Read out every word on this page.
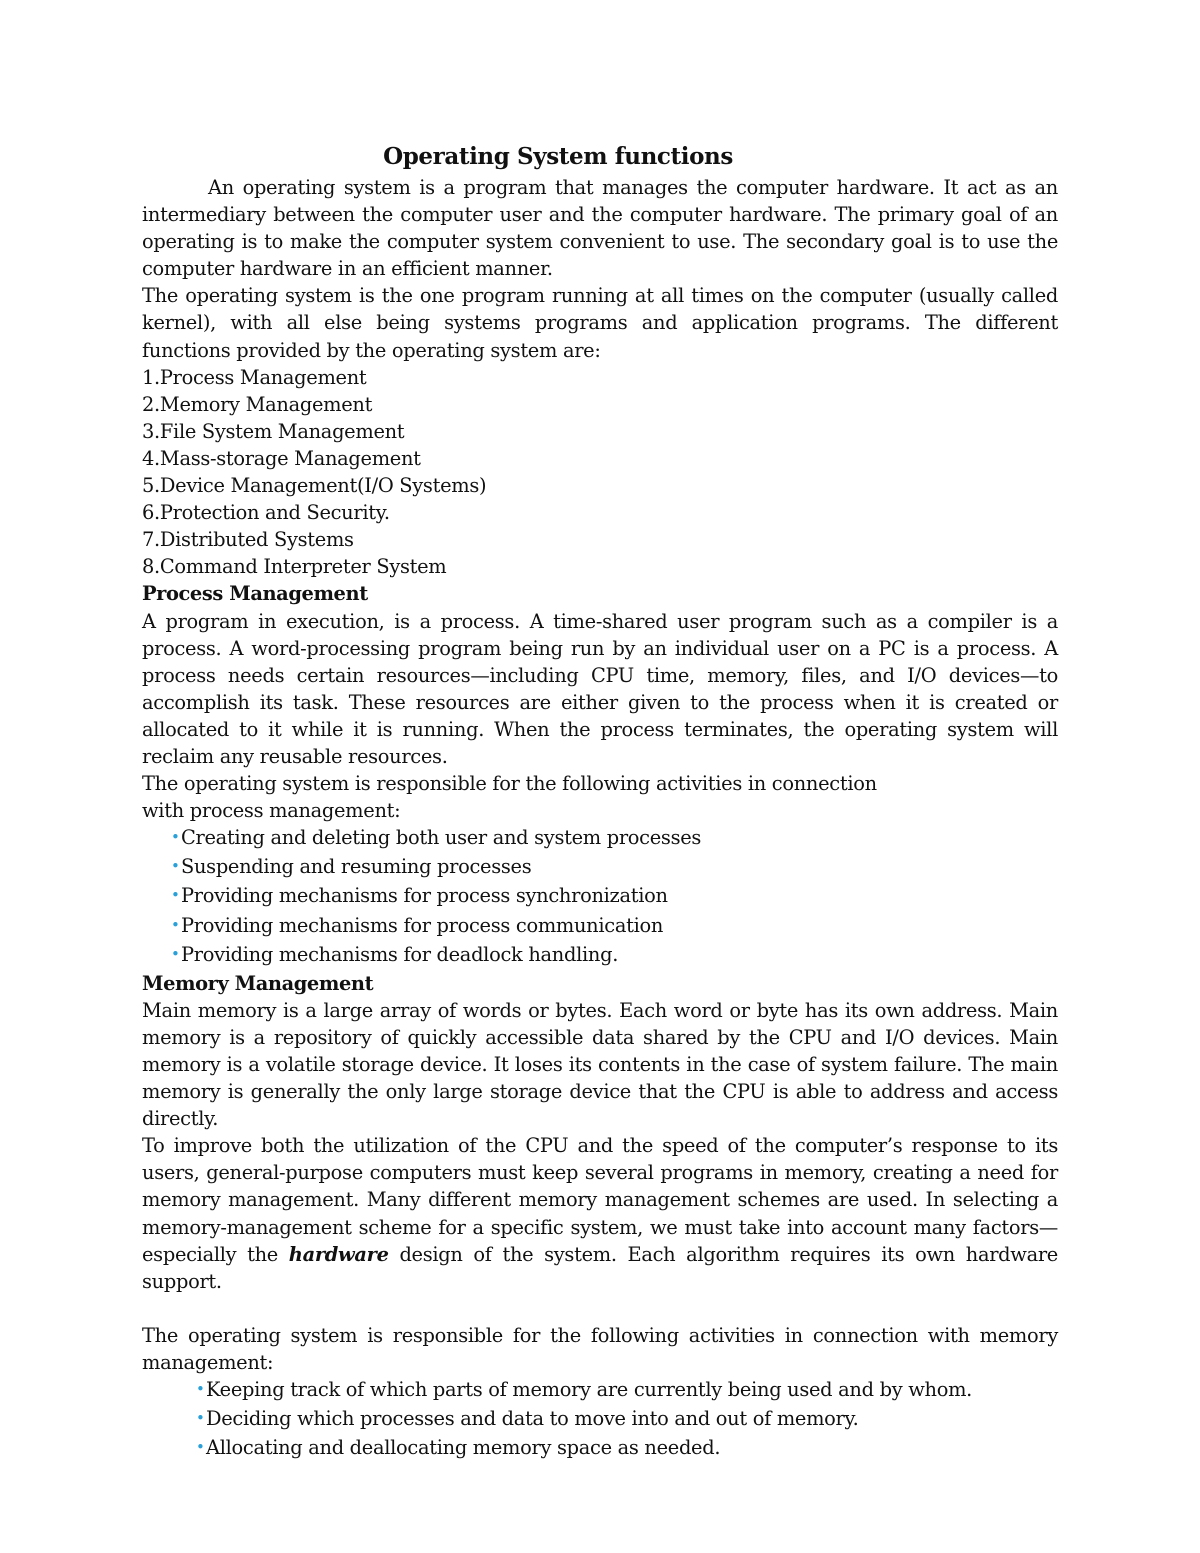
Operating System functions

An operating system is a program that manages the computer hardware. It act as an intermediary between the computer user and the computer hardware. The primary goal of an operating is to make the computer system convenient to use. The secondary goal is to use the computer hardware in an efficient manner.

The operating system is the one program running at all times on the computer (usually called kernel), with all else being systems programs and application programs. The different functions provided by the operating system are:

1.Process Management
2.Memory Management
3.File System Management
4.Mass-storage Management
5.Device Management(I/O Systems)
6.Protection and Security.
7.Distributed Systems
8.Command Interpreter System
Process Management

A program in execution, is a process. A time-shared user program such as a compiler is a process. A word-processing program being run by an individual user on a PC is a process. A process needs certain resources—including CPU time, memory, files, and I/O devices—to accomplish its task. These resources are either given to the process when it is created or allocated to it while it is running. When the process terminates, the operating system will reclaim any reusable resources.

The operating system is responsible for the following activities in connection
with process management:
•Creating and deleting both user and system processes
•Suspending and resuming processes
•Providing mechanisms for process synchronization
•Providing mechanisms for process communication
•Providing mechanisms for deadlock handling.
Memory Management

Main memory is a large array of words or bytes. Each word or byte has its own address. Main memory is a repository of quickly accessible data shared by the CPU and I/O devices. Main memory is a volatile storage device. It loses its contents in the case of system failure. The main memory is generally the only large storage device that the CPU is able to address and access directly.

To improve both the utilization of the CPU and the speed of the computer’s response to its users, general-purpose computers must keep several programs in memory, creating a need for memory management. Many different memory management schemes are used. In selecting a memory-management scheme for a specific system, we must take into account many factors—especially the hardware design of the system. Each algorithm requires its own hardware support.

The operating system is responsible for the following activities in connection with memory management:

•Keeping track of which parts of memory are currently being used and by whom.
•Deciding which processes and data to move into and out of memory.
•Allocating and deallocating memory space as needed.
